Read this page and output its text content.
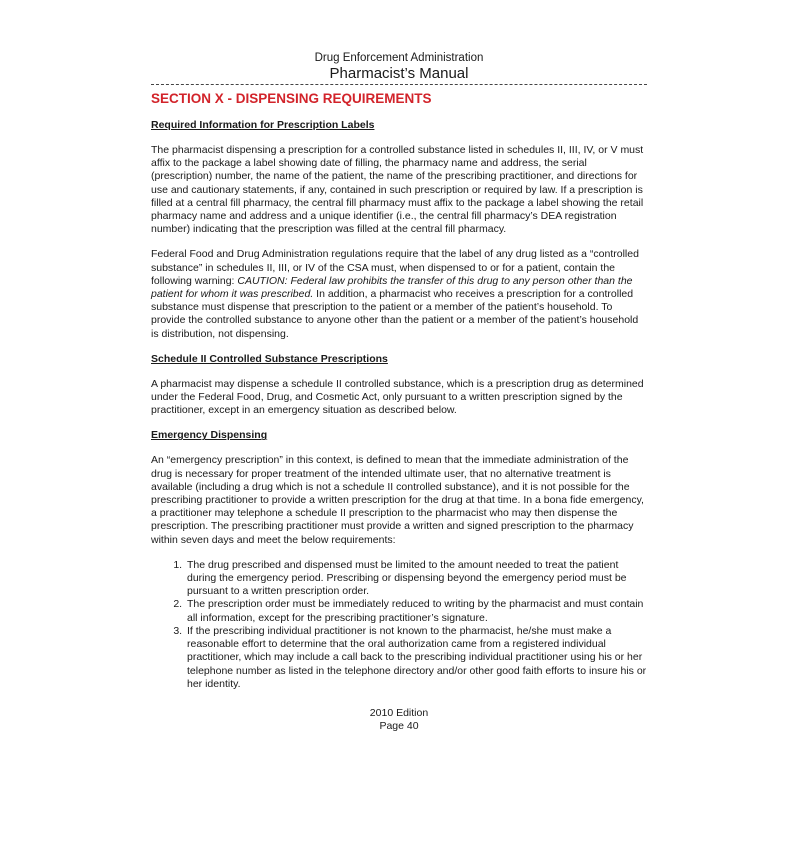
Drug Enforcement Administration

Pharmacist’s Manual

SECTION X - DISPENSING REQUIREMENTS
Required Information for Prescription Labels

The pharmacist dispensing a prescription for a controlled substance listed in schedules II, III, IV, or V must affix to the package a label showing date of filling, the pharmacy name and address, the serial (prescription) number, the name of the patient, the name of the prescribing practitioner, and directions for use and cautionary statements, if any, contained in such prescription or required by law. If a prescription is filled at a central fill pharmacy, the central fill pharmacy must affix to the package a label showing the retail pharmacy name and address and a unique identifier (i.e., the central fill pharmacy’s DEA registration number) indicating that the prescription was filled at the central fill pharmacy.

Federal Food and Drug Administration regulations require that the label of any drug listed as a “controlled substance” in schedules II, III, or IV of the CSA must, when dispensed to or for a patient, contain the following warning: CAUTION: Federal law prohibits the transfer of this drug to any person other than the patient for whom it was prescribed. In addition, a pharmacist who receives a prescription for a controlled substance must dispense that prescription to the patient or a member of the patient’s household. To provide the controlled substance to anyone other than the patient or a member of the patient’s household is distribution, not dispensing.

Schedule II Controlled Substance Prescriptions

A pharmacist may dispense a schedule II controlled substance, which is a prescription drug as determined under the Federal Food, Drug, and Cosmetic Act, only pursuant to a written prescription signed by the practitioner, except in an emergency situation as described below.

Emergency Dispensing

An “emergency prescription” in this context, is defined to mean that the immediate administration of the drug is necessary for proper treatment of the intended ultimate user, that no alternative treatment is available (including a drug which is not a schedule II controlled substance), and it is not possible for the prescribing practitioner to provide a written prescription for the drug at that time. In a bona fide emergency, a practitioner may telephone a schedule II prescription to the pharmacist who may then dispense the prescription. The prescribing practitioner must provide a written and signed prescription to the pharmacy within seven days and meet the below requirements:

1. The drug prescribed and dispensed must be limited to the amount needed to treat the patient during the emergency period. Prescribing or dispensing beyond the emergency period must be pursuant to a written prescription order.
2. The prescription order must be immediately reduced to writing by the pharmacist and must contain all information, except for the prescribing practitioner’s signature.
3. If the prescribing individual practitioner is not known to the pharmacist, he/she must make a reasonable effort to determine that the oral authorization came from a registered individual practitioner, which may include a call back to the prescribing individual practitioner using his or her telephone number as listed in the telephone directory and/or other good faith efforts to insure his or her identity.
2010 Edition
Page 40
